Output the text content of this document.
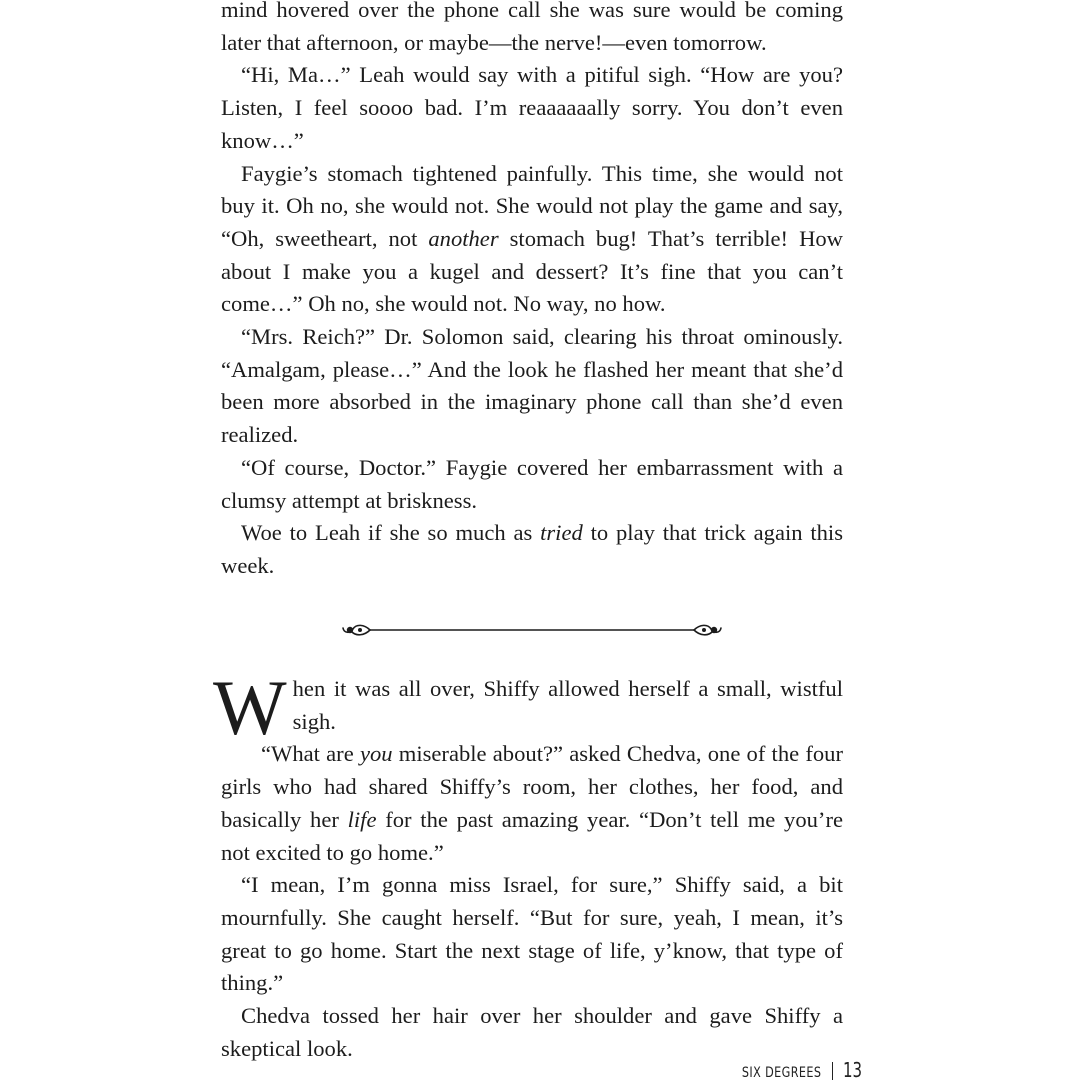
mind hovered over the phone call she was sure would be coming later that afternoon, or maybe—the nerve!—even tomorrow.

“Hi, Ma…” Leah would say with a pitiful sigh. “How are you? Listen, I feel soooo bad. I’m reaaaaaally sorry. You don’t even know…”

Faygie’s stomach tightened painfully. This time, she would not buy it. Oh no, she would not. She would not play the game and say, “Oh, sweetheart, not another stomach bug! That’s terrible! How about I make you a kugel and dessert? It’s fine that you can’t come…” Oh no, she would not. No way, no how.

“Mrs. Reich?” Dr. Solomon said, clearing his throat ominously. “Amalgam, please…” And the look he flashed her meant that she’d been more absorbed in the imaginary phone call than she’d even realized.

“Of course, Doctor.” Faygie covered her embarrassment with a clumsy attempt at briskness.

Woe to Leah if she so much as tried to play that trick again this week.

When it was all over, Shiffy allowed herself a small, wistful sigh.
“What are you miserable about?” asked Chedva, one of the four girls who had shared Shiffy’s room, her clothes, her food, and basically her life for the past amazing year. “Don’t tell me you’re not excited to go home.”

“I mean, I’m gonna miss Israel, for sure,” Shiffy said, a bit mournfully. She caught herself. “But for sure, yeah, I mean, it’s great to go home. Start the next stage of life, y’know, that type of thing.”

Chedva tossed her hair over her shoulder and gave Shiffy a skeptical look.

SIX DEGREES 13
